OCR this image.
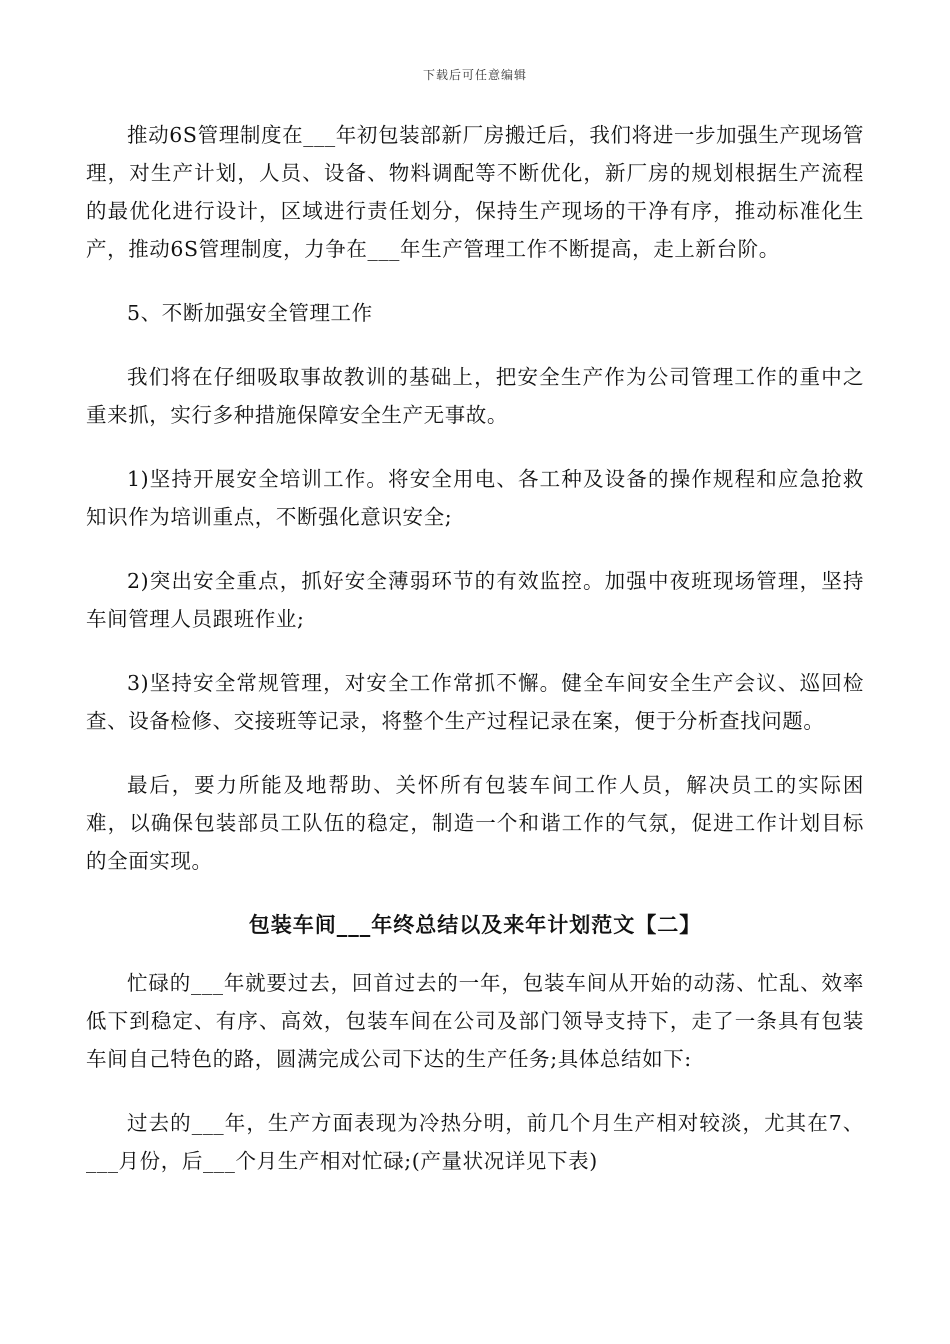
下载后可任意编辑

推动6S管理制度在___年初包装部新厂房搬迁后，我们将进一步加强生产现场管理，对生产计划，人员、设备、物料调配等不断优化，新厂房的规划根据生产流程的最优化进行设计，区域进行责任划分，保持生产现场的干净有序，推动标准化生产，推动6S管理制度，力争在___年生产管理工作不断提高，走上新台阶。

5、不断加强安全管理工作

我们将在仔细吸取事故教训的基础上，把安全生产作为公司管理工作的重中之重来抓，实行多种措施保障安全生产无事故。

1)坚持开展安全培训工作。将安全用电、各工种及设备的操作规程和应急抢救知识作为培训重点，不断强化意识安全;

2)突出安全重点，抓好安全薄弱环节的有效监控。加强中夜班现场管理，坚持车间管理人员跟班作业;

3)坚持安全常规管理，对安全工作常抓不懈。健全车间安全生产会议、巡回检查、设备检修、交接班等记录，将整个生产过程记录在案，便于分析查找问题。

最后，要力所能及地帮助、关怀所有包装车间工作人员，解决员工的实际困难，以确保包装部员工队伍的稳定，制造一个和谐工作的气氛，促进工作计划目标的全面实现。

包装车间___年终总结以及来年计划范文【二】

忙碌的___年就要过去，回首过去的一年，包装车间从开始的动荡、忙乱、效率低下到稳定、有序、高效，包装车间在公司及部门领导支持下，走了一条具有包装车间自己特色的路，圆满完成公司下达的生产任务;具体总结如下:

过去的___年，生产方面表现为冷热分明，前几个月生产相对较淡，尤其在7、___月份，后___个月生产相对忙碌;(产量状况详见下表)
